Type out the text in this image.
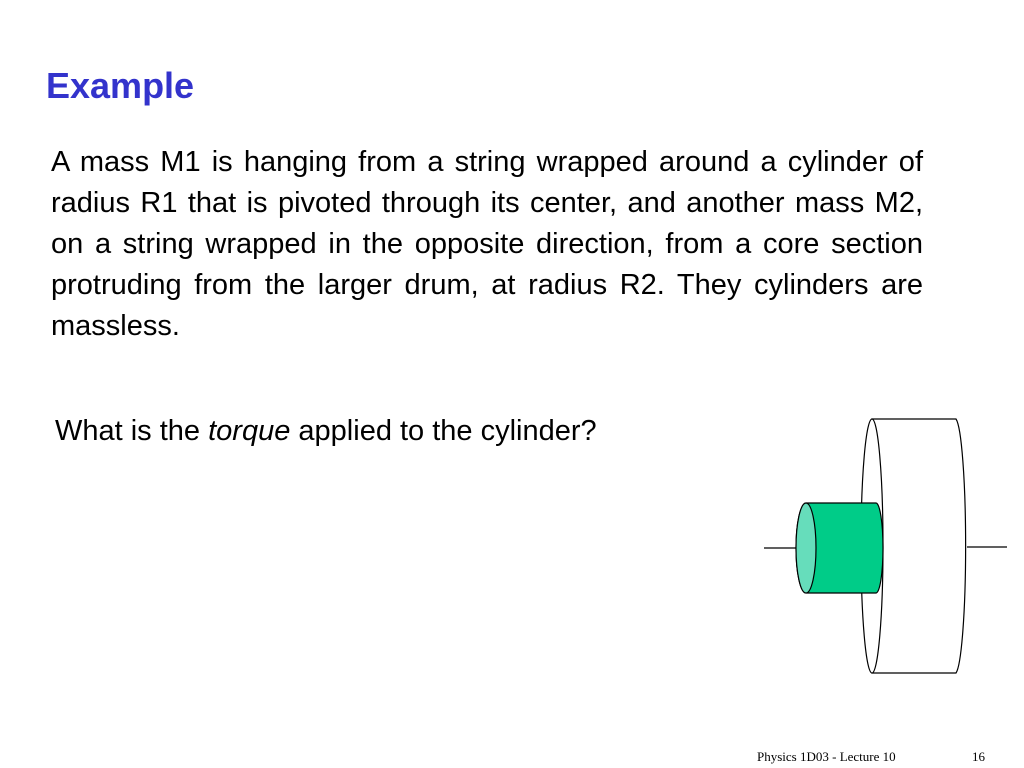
Example

A mass M1 is hanging from a string wrapped around a cylinder of radius R1 that is pivoted through its center, and another mass M2, on a string wrapped in the opposite direction, from a core section protruding from the larger drum, at radius R2. They cylinders are massless.

What is the torque applied to the cylinder?

Physics 1D03 - Lecture 10	16
